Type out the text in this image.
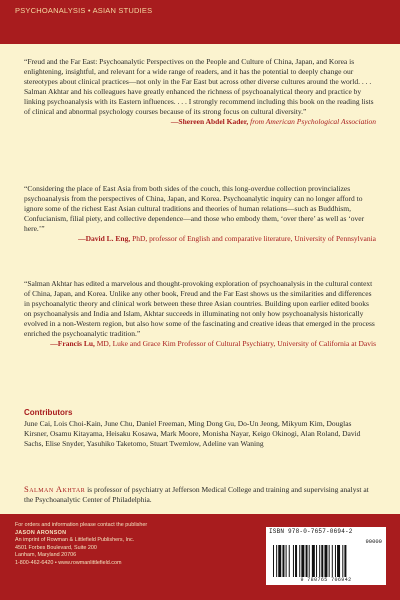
PSYCHOANALYSIS • ASIAN STUDIES

“Freud and the Far East: Psychoanalytic Perspectives on the People and Culture of China, Japan, and Korea is enlightening, insightful, and relevant for a wide range of readers, and it has the potential to deeply change our stereotypes about clinical practices—not only in the Far East but across other diverse cultures around the world. . . . Salman Akhtar and his colleagues have greatly enhanced the richness of psychoanalytical theory and practice by linking psychoanalysis with its Eastern influences. . . . I strongly recommend including this book on the reading lists of clinical and abnormal psychology courses because of its strong focus on cultural diversity.”

—Shereen Abdel Kader, from American Psychological Association

“Considering the place of East Asia from both sides of the couch, this long-overdue collection provincializes psychoanalysis from the perspectives of China, Japan, and Korea. Psychoanalytic inquiry can no longer afford to ignore some of the richest East Asian cultural traditions and theories of human relations—such as Buddhism, Confucianism, filial piety, and collective dependence—and those who embody them, ‘over there’ as well as ‘over here.’”

—David L. Eng, PhD, professor of English and comparative literature, University of Pennsylvania

“Salman Akhtar has edited a marvelous and thought-provoking exploration of psychoanalysis in the cultural context of China, Japan, and Korea. Unlike any other book, Freud and the Far East shows us the similarities and differences in psychoanalytic theory and clinical work between these three Asian countries. Building upon earlier edited books on psychoanalysis and India and Islam, Akhtar succeeds in illuminating not only how psychoanalysis historically evolved in a non-Western region, but also how some of the fascinating and creative ideas that emerged in the process enriched the psychoanalytic tradition.”

—Francis Lu, MD, Luke and Grace Kim Professor of Cultural Psychiatry, University of California at Davis

Contributors
June Cai, Lois Choi-Kain, June Chu, Daniel Freeman, Ming Dong Gu, Do-Un Jeong, Mikyum Kim, Douglas Kirsner, Osamu Kitayama, Heisaku Kosawa, Mark Moore, Monisha Nayar, Keigo Okinogi, Alan Roland, David Sachs, Elise Snyder, Yasuhiko Taketomo, Stuart Twemlow, Adeline van Waning
Salman Akhtar is professor of psychiatry at Jefferson Medical College and training and supervising analyst at the Psychoanalytic Center of Philadelphia.
For orders and information please contact the publisher
JASON ARONSON
An imprint of Rowman & Littlefield Publishers, Inc.
4501 Forbes Boulevard, Suite 200
Lanham, Maryland 20706
1-800-462-6420 • www.rowmanlittlefield.com
ISBN 978-0-7657-0694-2
90000
9 780765 706942
